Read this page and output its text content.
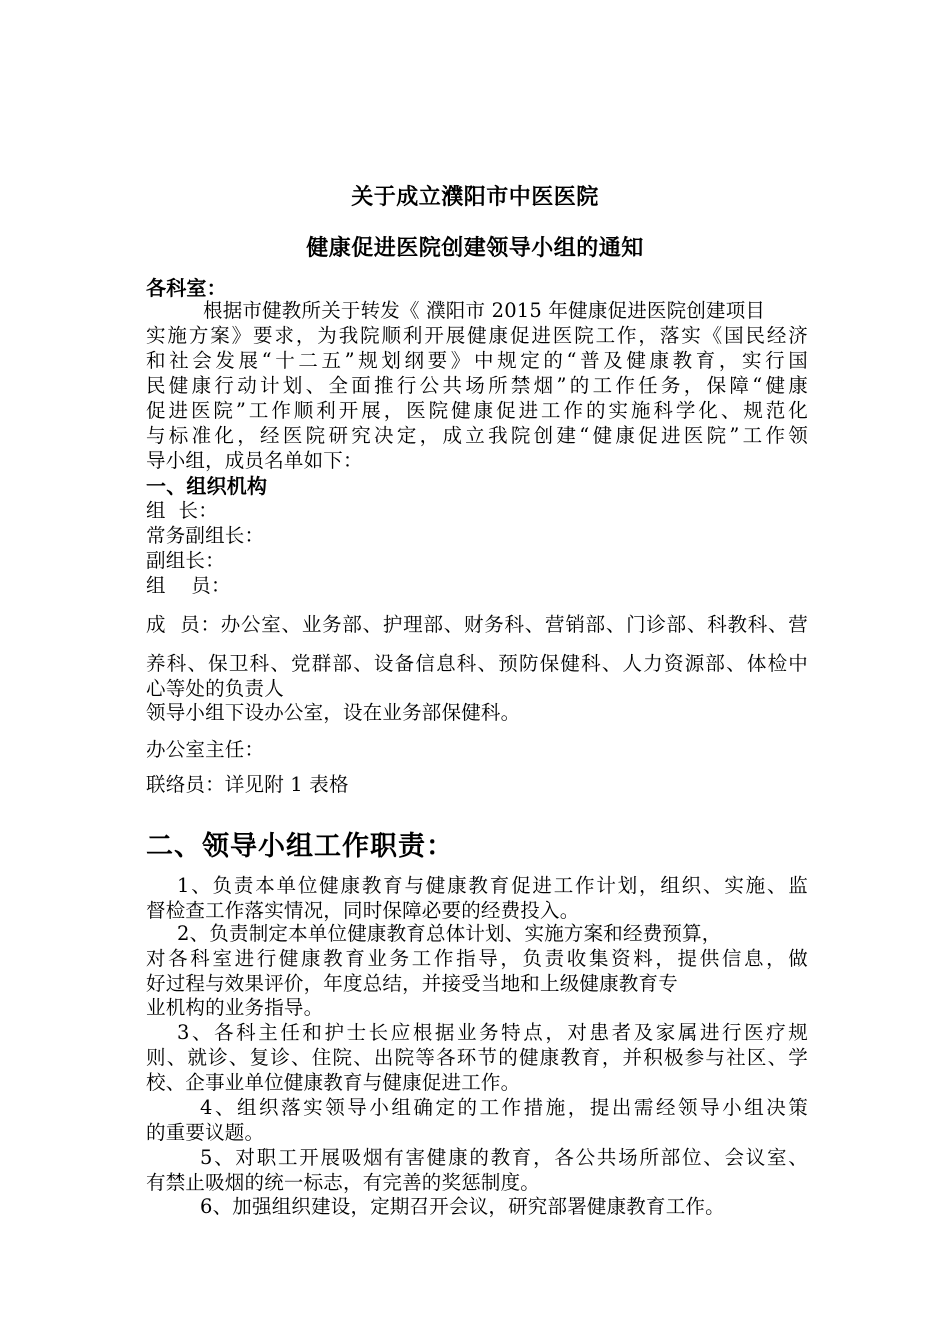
关于成立濮阳市中医医院
健康促进医院创建领导小组的通知
各科室：
根据市健教所关于转发《 濮阳市 2015 年健康促进医院创建项目
实施方案》要求，为我院顺利开展健康促进医院工作，落实《国民经济
和社会发展“十二五”规划纲要》中规定的“普及健康教育，实行国
民健康行动计划、全面推行公共场所禁烟”的工作任务，保障“健康
促进医院”工作顺利开展，医院健康促进工作的实施科学化、规范化
与标准化，经医院研究决定，成立我院创建“健康促进医院”工作领
导小组，成员名单如下：
一、组织机构
组  长：
常务副组长：
副组长：
组    员：
成  员：办公室、业务部、护理部、财务科、营销部、门诊部、科教科、营
养科、保卫科、党群部、设备信息科、预防保健科、人力资源部、体检中
心等处的负责人
领导小组下设办公室，设在业务部保健科。
办公室主任：
联络员：详见附 1 表格
二、领导小组工作职责：
1、负责本单位健康教育与健康教育促进工作计划，组织、实施、监
督检查工作落实情况，同时保障必要的经费投入。
2、负责制定本单位健康教育总体计划、实施方案和经费预算，
对各科室进行健康教育业务工作指导，负责收集资料，提供信息，做
好过程与效果评价，年度总结，并接受当地和上级健康教育专
业机构的业务指导。
3、各科主任和护士长应根据业务特点，对患者及家属进行医疗规
则、就诊、复诊、住院、出院等各环节的健康教育，并积极参与社区、学
校、企事业单位健康教育与健康促进工作。
4、组织落实领导小组确定的工作措施，提出需经领导小组决策
的重要议题。
5、对职工开展吸烟有害健康的教育，各公共场所部位、会议室、
有禁止吸烟的统一标志，有完善的奖惩制度。
6、加强组织建设，定期召开会议，研究部署健康教育工作。
